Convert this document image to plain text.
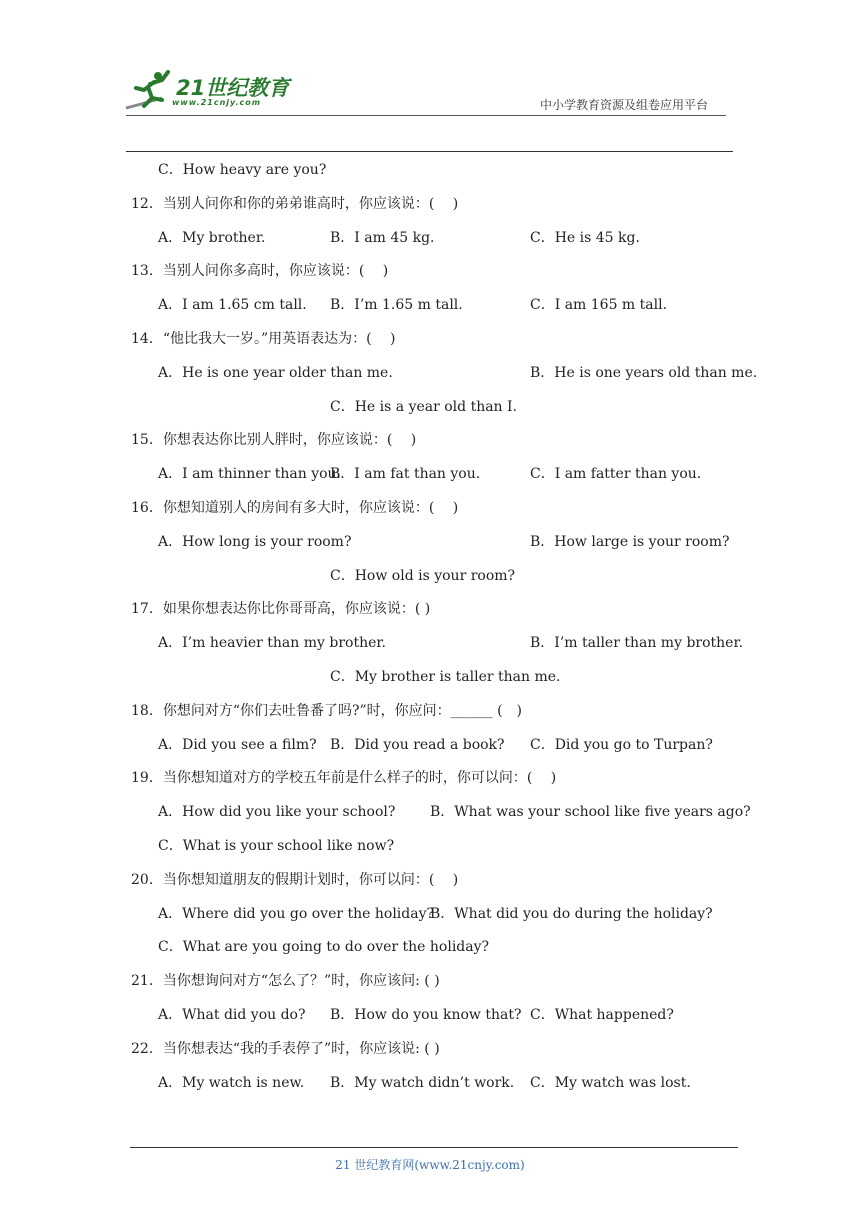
21世纪教育
www.21cnjy.com	中小学教育资源及组卷应用平台
C．How heavy are you?
12．当别人问你和你的弟弟谁高时，你应该说：(　 )
A．My brother.	B．I am 45 kg.	C．He is 45 kg.
13．当别人问你多高时，你应该说：(　 )
A．I am 1.65 cm tall. B．I’m 1.65 m tall.	C．I am 165 m tall.
14．“他比我大一岁。”用英语表达为：(　 )
A．He is one year older than me.	B．He is one years old than me.
C．He is a year old than I.
15．你想表达你比别人胖时，你应该说：(　 )
A．I am thinner than you.
B．I am fat than you.	C．I am fatter than you.
16．你想知道别人的房间有多大时，你应该说：(　 )
A．How long is your room?	B．How large is your room?
C．How old is your room?
17．如果你想表达你比你哥哥高，你应该说：( )
A．I’m heavier than my brother.	B．I’m taller than my brother.
C．My brother is taller than me.
18．你想问对方“你们去吐鲁番了吗?”时，你应问：______ (　)
A．Did you see a film? B．Did you read a book? C．Did you go to Turpan?
19．当你想知道对方的学校五年前是什么样子的时，你可以问：(　 )
A．How did you like your school? B．What was your school like five years ago?
C．What is your school like now?
20．当你想知道朋友的假期计划时，你可以问：(　 )
A．Where did you go over the holiday?
B．What did you do during the holiday?
C．What are you going to do over the holiday?
21．当你想询问对方“怎么了？”时，你应该问: ( )
A．What did you do? B．How do you know that? C．What happened?
22．当你想表达“我的手表停了”时，你应该说: ( )
A．My watch is new. B．My watch didn’t work. C．My watch was lost.
21 世纪教育网(www.21cnjy.com)
